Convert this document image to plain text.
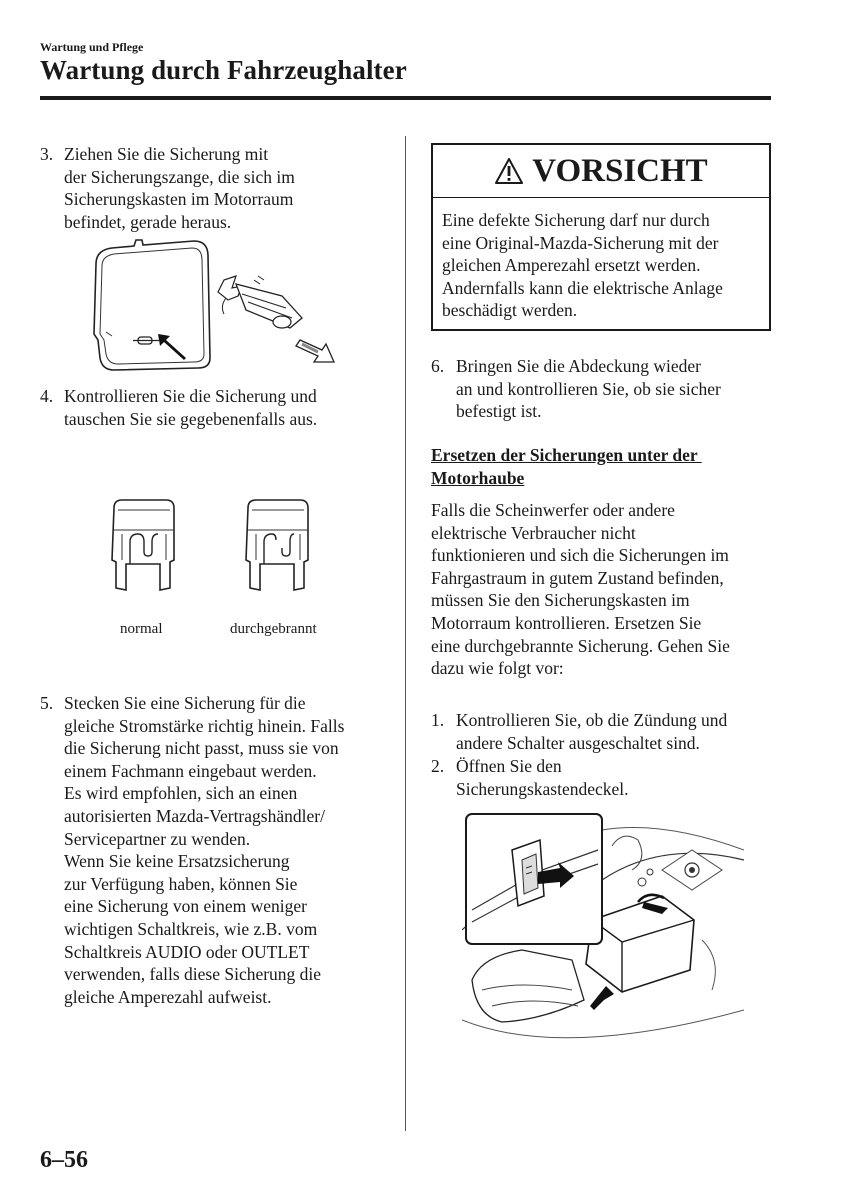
Wartung und Pflege
Wartung durch Fahrzeughalter
3. Ziehen Sie die Sicherung mit
der Sicherungszange, die sich im
Sicherungskasten im Motorraum
befindet, gerade heraus.
4. Kontrollieren Sie die Sicherung und
tauschen Sie sie gegebenenfalls aus.
normal	durchgebrannt
5. Stecken Sie eine Sicherung für die
gleiche Stromstärke richtig hinein. Falls
die Sicherung nicht passt, muss sie von
einem Fachmann eingebaut werden.
Es wird empfohlen, sich an einen
autorisierten Mazda-Vertragshändler/
Servicepartner zu wenden.
Wenn Sie keine Ersatzsicherung
zur Verfügung haben, können Sie
eine Sicherung von einem weniger
wichtigen Schaltkreis, wie z.B. vom
Schaltkreis AUDIO oder OUTLET
verwenden, falls diese Sicherung die
gleiche Amperezahl aufweist.
VORSICHT
Eine defekte Sicherung darf nur durch
eine Original-Mazda-Sicherung mit der
gleichen Amperezahl ersetzt werden.
Andernfalls kann die elektrische Anlage
beschädigt werden.
6. Bringen Sie die Abdeckung wieder
an und kontrollieren Sie, ob sie sicher
befestigt ist.
Ersetzen der Sicherungen unter der
Motorhaube
Falls die Scheinwerfer oder andere
elektrische Verbraucher nicht
funktionieren und sich die Sicherungen im
Fahrgastraum in gutem Zustand befinden,
müssen Sie den Sicherungskasten im
Motorraum kontrollieren. Ersetzen Sie
eine durchgebrannte Sicherung. Gehen Sie
dazu wie folgt vor:
1. Kontrollieren Sie, ob die Zündung und
andere Schalter ausgeschaltet sind.
2. Öffnen Sie den
Sicherungskastendeckel.
6–56
